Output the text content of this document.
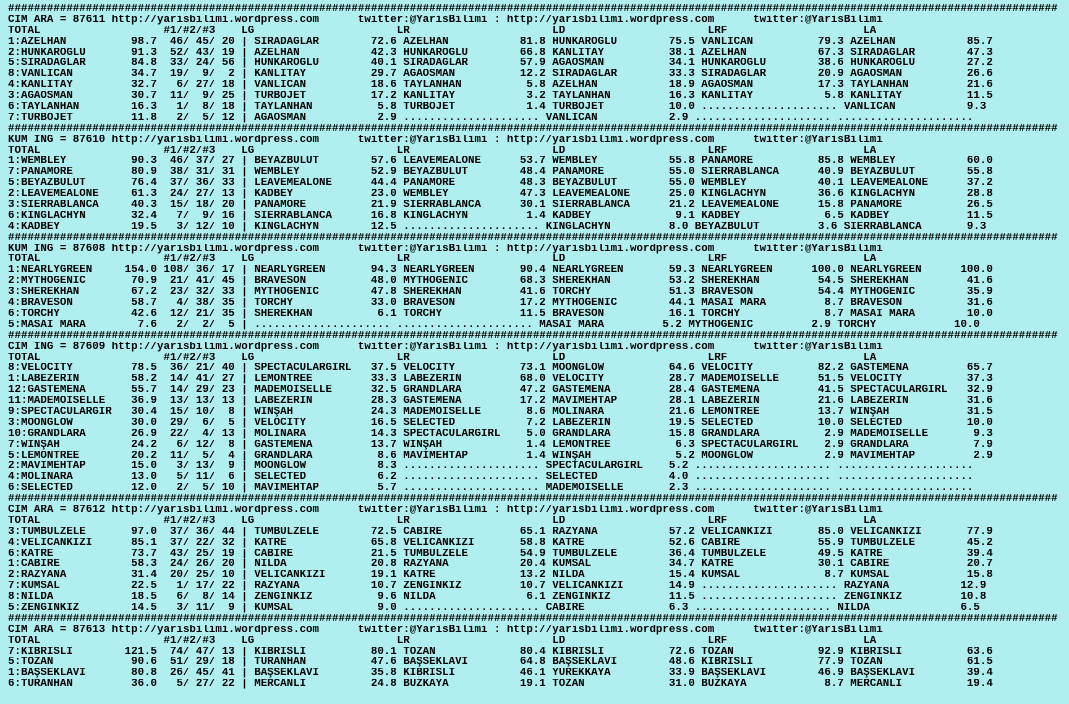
##################################################################################################################################################################
CIM ARA = 87611 http://yarisbilimi.wordpress.com      twitter:@YarisBilimi : http://yarisbilimi.wordpress.com      twitter:@YarisBilimi
TOTAL                   #1/#2/#3    LG                      LR                      LD                      LRF                     LA
1:AZELHAN          98.7  46/ 45/ 20 | SIRADAĞLAR        72.6 AZELHAN           81.8 HÜNKAROĞLU        75.5 VANLICAN          79.3 AZELHAN           85.7
2:HÜNKAROĞLU       91.3  52/ 43/ 19 | AZELHAN           42.3 HÜNKAROĞLU        66.8 KANLITAY          38.1 AZELHAN           67.3 SIRADAĞLAR        47.3
5:SIRADAĞLAR       84.8  33/ 24/ 56 | HÜNKAROĞLU        40.1 SIRADAĞLAR        57.9 AĞAOSMAN          34.1 HÜNKAROĞLU        38.6 HÜNKAROĞLU        27.2
8:VANLICAN         34.7  19/  9/  2 | KANLITAY          29.7 AĞAOSMAN          12.2 SIRADAĞLAR        33.3 SIRADAĞLAR        20.9 AĞAOSMAN          26.6
4:KANLITAY         32.7   6/ 27/ 18 | VANLICAN          18.6 TAYLANHAN          5.8 AZELHAN           18.9 AĞAOSMAN          17.3 TAYLANHAN         21.6
3:AĞAOSMAN         30.7  11/  9/ 25 | TURBOJET          17.2 KANLITAY           3.2 TAYLANHAN         16.3 KANLITAY           5.8 KANLITAY          11.5
6:TAYLANHAN        16.3   1/  8/ 18 | TAYLANHAN          5.8 TURBOJET           1.4 TURBOJET          10.0 ..................... VANLICAN           9.3
7:TURBOJET         11.8   2/  5/ 12 | AĞAOSMAN           2.9 ..................... VANLICAN           2.9 ..................... .....................
##################################################################################################################################################################
KUM ING = 87610 http://yarisbilimi.wordpress.com      twitter:@YarisBilimi : http://yarisbilimi.wordpress.com      twitter:@YarisBilimi
TOTAL                   #1/#2/#3    LG                      LR                      LD                      LRF                     LA
1:WEMBLEY          90.3  46/ 37/ 27 | BEYAZBULUT        57.6 LEAVEMEALONE      53.7 WEMBLEY           55.8 PANAMORE          85.8 WEMBLEY           60.0
7:PANAMORE         80.9  38/ 31/ 31 | WEMBLEY           52.9 BEYAZBULUT        48.4 PANAMORE          55.0 SIERRABLANCA      40.9 BEYAZBULUT        55.8
5:BEYAZBULUT       76.4  37/ 36/ 33 | LEAVEMEALONE      44.4 PANAMORE          48.3 BEYAZBULUT        55.0 WEMBLEY           40.1 LEAVEMEALONE      37.2
2:LEAVEMEALONE     61.3  24/ 27/ 13 | KADBEY            23.0 WEMBLEY           47.3 LEAVEMEALONE      25.0 KINGLACHYN        36.6 KINGLACHYN        28.8
3:SIERRABLANCA     40.3  15/ 18/ 20 | PANAMORE          21.9 SIERRABLANCA      30.1 SIERRABLANCA      21.2 LEAVEMEALONE      15.8 PANAMORE          26.5
6:KINGLACHYN       32.4   7/  9/ 16 | SIERRABLANCA      16.8 KINGLACHYN         1.4 KADBEY             9.1 KADBEY             6.5 KADBEY            11.5
4:KADBEY           19.5   3/ 12/ 10 | KINGLACHYN        12.5 ..................... KINGLACHYN         8.0 BEYAZBULUT         3.6 SIERRABLANCA       9.3
##################################################################################################################################################################
KUM ING = 87608 http://yarisbilimi.wordpress.com      twitter:@YarisBilimi : http://yarisbilimi.wordpress.com      twitter:@YarisBilimi
TOTAL                   #1/#2/#3    LG                      LR                      LD                      LRF                     LA
1:NEARLYGREEN     154.0 108/ 36/ 17 | NEARLYGREEN       94.3 NEARLYGREEN       90.4 NEARLYGREEN       59.3 NEARLYGREEN      100.0 NEARLYGREEN      100.0
2:MYTHOGENIC       70.9  21/ 41/ 45 | BRAVESON          48.0 MYTHOGENIC        68.3 SHEREKHAN         53.2 SHEREKHAN         54.5 SHEREKHAN         41.6
3:SHEREKHAN        67.2  23/ 32/ 33 | MYTHOGENIC        47.8 SHEREKHAN         41.6 TORCHY            51.3 BRAVESON          54.4 MYTHOGENIC        35.9
4:BRAVESON         58.7   4/ 38/ 35 | TORCHY            33.0 BRAVESON          17.2 MYTHOGENIC        44.1 MASAI MARA         8.7 BRAVESON          31.6
6:TORCHY           42.6  12/ 21/ 35 | SHEREKHAN          6.1 TORCHY            11.5 BRAVESON          16.1 TORCHY             8.7 MASAI MARA        10.0
5:MASAI MARA        7.6   2/  2/  5 | ..................... ..................... MASAI MARA         5.2 MYTHOGENIC         2.9 TORCHY            10.0
##################################################################################################################################################################
CIM ING = 87609 http://yarisbilimi.wordpress.com      twitter:@YarisBilimi : http://yarisbilimi.wordpress.com      twitter:@YarisBilimi
TOTAL                   #1/#2/#3    LG                      LR                      LD                      LRF                     LA
8:VELOCITY         78.5  36/ 21/ 40 | SPECTACULARGIRL   37.5 VELOCITY          73.1 MOONGLOW          64.6 VELOCITY          82.2 GASTEMENA         65.7
1:LABEZERIN        58.2  14/ 41/ 27 | LEMONTREE         33.3 LABEZERIN         68.0 VELOCITY          28.7 MADEMOISELLE      51.5 VELOCITY          37.3
12:GASTEMENA       55.7  14/ 29/ 23 | MADEMOISELLE      32.5 GRANDLARA         47.2 GASTEMENA         28.4 GASTEMENA         41.5 SPECTACULARGIRL   32.9
11:MADEMOISELLE    36.9  13/ 13/ 13 | LABEZERIN         28.3 GASTEMENA         17.2 MAVİMEHTAP        28.1 LABEZERIN         21.6 LABEZERIN         31.6
9:SPECTACULARGIR   30.4  15/ 10/  8 | WINŞAH            24.3 MADEMOISELLE       8.6 MOLINARA          21.6 LEMONTREE         13.7 WINŞAH            31.5
3:MOONGLOW         30.0  29/  6/  5 | VELOCITY          16.5 SELECTED           7.2 LABEZERIN         19.5 SELECTED          10.0 SELECTED          10.0
10:GRANDLARA       26.9  22/  4/ 13 | MOLINARA          14.3 SPECTACULARGIRL    5.0 GRANDLARA         15.8 GRANDLARA          2.9 MADEMOISELLE       9.3
7:WINŞAH           24.2   6/ 12/  8 | GASTEMENA         13.7 WINŞAH             1.4 LEMONTREE          6.3 SPECTACULARGIRL    2.9 GRANDLARA          7.9
5:LEMONTREE        20.2  11/  5/  4 | GRANDLARA          8.6 MAVİMEHTAP         1.4 WINŞAH             5.2 MOONGLOW           2.9 MAVİMEHTAP         2.9
2:MAVİMEHTAP       15.0   3/ 13/  9 | MOONGLOW           8.3 ..................... SPECTACULARGIRL    5.2 ..................... .....................
4:MOLINARA         13.0   5/ 11/  6 | SELECTED           6.2 ..................... SELECTED           4.0 ..................... .....................
6:SELECTED         12.0   2/  5/ 10 | MAVİMEHTAP         5.7 ..................... MADEMOISELLE       2.3 ..................... .....................
##################################################################################################################################################################
CIM ARA = 87612 http://yarisbilimi.wordpress.com      twitter:@YarisBilimi : http://yarisbilimi.wordpress.com      twitter:@YarisBilimi
TOTAL                   #1/#2/#3    LG                      LR                      LD                      LRF                     LA
3:TUMBULZELE       97.0  37/ 36/ 44 | TUMBULZELE        72.5 CABİRE            65.1 RAZYANA           57.2 VELİCANKIZI       85.0 VELİCANKIZI       77.9
4:VELİCANKIZI      85.1  37/ 22/ 32 | KATRE             65.8 VELİCANKIZI       58.8 KATRE             52.6 CABİRE            55.9 TUMBULZELE        45.2
6:KATRE            73.7  43/ 25/ 19 | CABİRE            21.5 TUMBULZELE        54.9 TUMBULZELE        36.4 TUMBULZELE        49.5 KATRE             39.4
1:CABİRE           58.3  24/ 26/ 20 | NİLDA             20.8 RAZYANA           20.4 KUMSAL            34.7 KATRE             30.1 CABİRE            20.7
2:RAZYANA          31.4  20/ 25/ 10 | VELİCANKIZI       19.1 KATRE             13.2 NİLDA             15.4 KUMSAL             8.7 KUMSAL            15.8
7:KUMSAL           22.5   1/ 17/ 22 | RAZYANA           10.7 ZENGİNKIZ         10.7 VELİCANKIZI       14.9 ..................... RAZYANA           12.9
8:NİLDA            18.5   6/  8/ 14 | ZENGİNKIZ          9.6 NİLDA              6.1 ZENGİNKIZ         11.5 ..................... ZENGİNKIZ         10.8
5:ZENGİNKIZ        14.5   3/ 11/  9 | KUMSAL             9.0 ..................... CABİRE             6.3 ..................... NİLDA              6.5
##################################################################################################################################################################
CIM ARA = 87613 http://yarisbilimi.wordpress.com      twitter:@YarisBilimi : http://yarisbilimi.wordpress.com      twitter:@YarisBilimi
TOTAL                   #1/#2/#3    LG                      LR                      LD                      LRF                     LA
7:KIBRISLI        121.5  74/ 47/ 13 | KIBRISLI          80.1 TOZAN             80.4 KIBRISLI          72.6 TOZAN             92.9 KIBRISLI          63.6
5:TOZAN            90.6  51/ 29/ 18 | TURANHAN          47.6 BAŞSEKLAVİ        64.8 BAŞSEKLAVİ        48.6 KIBRISLI          77.9 TOZAN             61.5
1:BAŞSEKLAVİ       80.8  26/ 45/ 41 | BAŞSEKLAVİ        35.8 KIBRISLI          46.1 YÜREKKAYA         33.9 BAŞSEKLAVİ        46.9 BAŞSEKLAVİ        39.4
6:TURANHAN         36.0   5/ 27/ 22 | MERCANLI          24.8 BUZKAYA           19.1 TOZAN             31.0 BUZKAYA            8.7 MERCANLI          19.4
